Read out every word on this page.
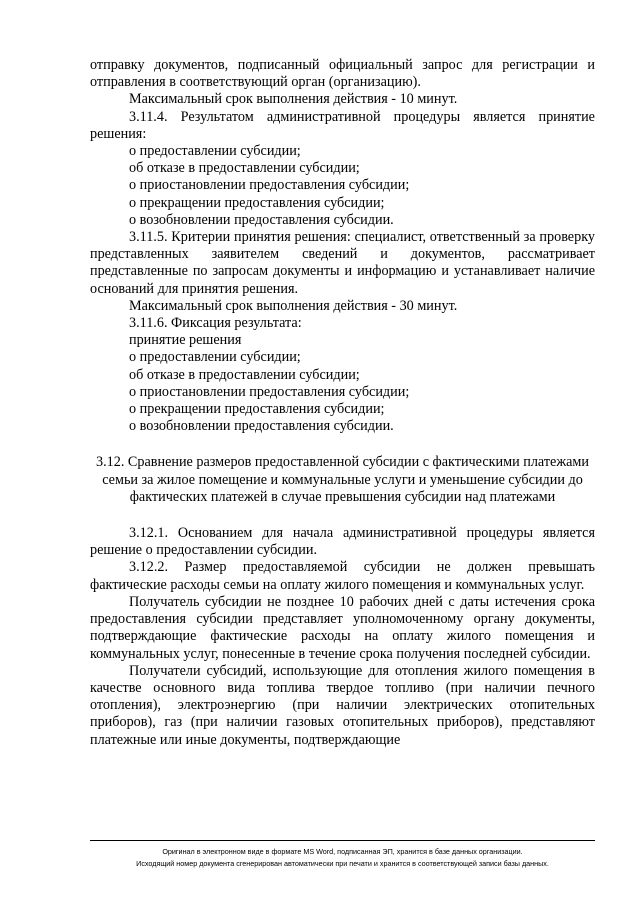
отправку документов, подписанный официальный запрос для регистрации и отправления в соответствующий орган (организацию).

Максимальный срок выполнения действия - 10 минут.

3.11.4. Результатом административной процедуры является принятие решения:

о предоставлении субсидии;

об отказе в предоставлении субсидии;

о приостановлении предоставления субсидии;

о прекращении предоставления субсидии;

о возобновлении предоставления субсидии.

3.11.5. Критерии принятия решения: специалист, ответственный за проверку представленных заявителем сведений и документов, рассматривает представленные по запросам документы и информацию и устанавливает наличие оснований для принятия решения.

Максимальный срок выполнения действия - 30 минут.

3.11.6. Фиксация результата:

принятие решения

о предоставлении субсидии;

об отказе в предоставлении субсидии;

о приостановлении предоставления субсидии;

о прекращении предоставления субсидии;

о возобновлении предоставления субсидии.

3.12. Сравнение размеров предоставленной субсидии с фактическими платежами семьи за жилое помещение и коммунальные услуги и уменьшение субсидии до фактических платежей в случае превышения субсидии над платежами

3.12.1. Основанием для начала административной процедуры является решение о предоставлении субсидии.

3.12.2. Размер предоставляемой субсидии не должен превышать фактические расходы семьи на оплату жилого помещения и коммунальных услуг.

Получатель субсидии не позднее 10 рабочих дней с даты истечения срока предоставления субсидии представляет уполномоченному органу документы, подтверждающие фактические расходы на оплату жилого помещения и коммунальных услуг, понесенные в течение срока получения последней субсидии.

Получатели субсидий, использующие для отопления жилого помещения в качестве основного вида топлива твердое топливо (при наличии печного отопления), электроэнергию (при наличии электрических отопительных приборов), газ (при наличии газовых отопительных приборов), представляют платежные или иные документы, подтверждающие

Оригинал в электронном виде в формате MS Word, подписанная ЭП, хранится в базе данных организации.
Исходящий номер документа сгенерирован автоматически при печати и хранится в соответствующей записи базы данных.
